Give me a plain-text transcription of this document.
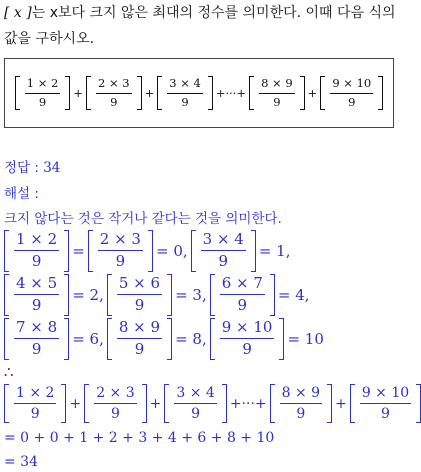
[ x ]는 x보다 크지 않은 최대의 정수를 의미한다. 이때 다음 식의
값을 구하시오.
$\frac{1 \times 2}{9} + \frac{2 \times 3}{9} + \frac{3 \times 4}{9}$ +···+ $\frac{8 \times 9}{9} + \frac{9 \times 10}{9}$
정답 : 34
해설 :
크지 않다는 것은 작거나 같다는 것을 의미한다.
$\frac{1 \times 2}{9} = \frac{2 \times 3}{9} = 0$, $\frac{3 \times 4}{9} = 1$,
$\frac{4 \times 5}{9} = 2$, $\frac{5 \times 6}{9} = 3$, $\frac{6 \times 7}{9} = 4$,
$\frac{7 \times 8}{9} = 6$, $\frac{8 \times 9}{9} = 8$, $\frac{9 \times 10}{9} = 10$
∴
$\frac{1 \times 2}{9} + \frac{2 \times 3}{9} + \frac{3 \times 4}{9}$ +···+ $\frac{8 \times 9}{9} + \frac{9 \times 10}{9}$
= 0 + 0 + 1 + 2 + 3 + 4 + 6 + 8 + 10
= 34
